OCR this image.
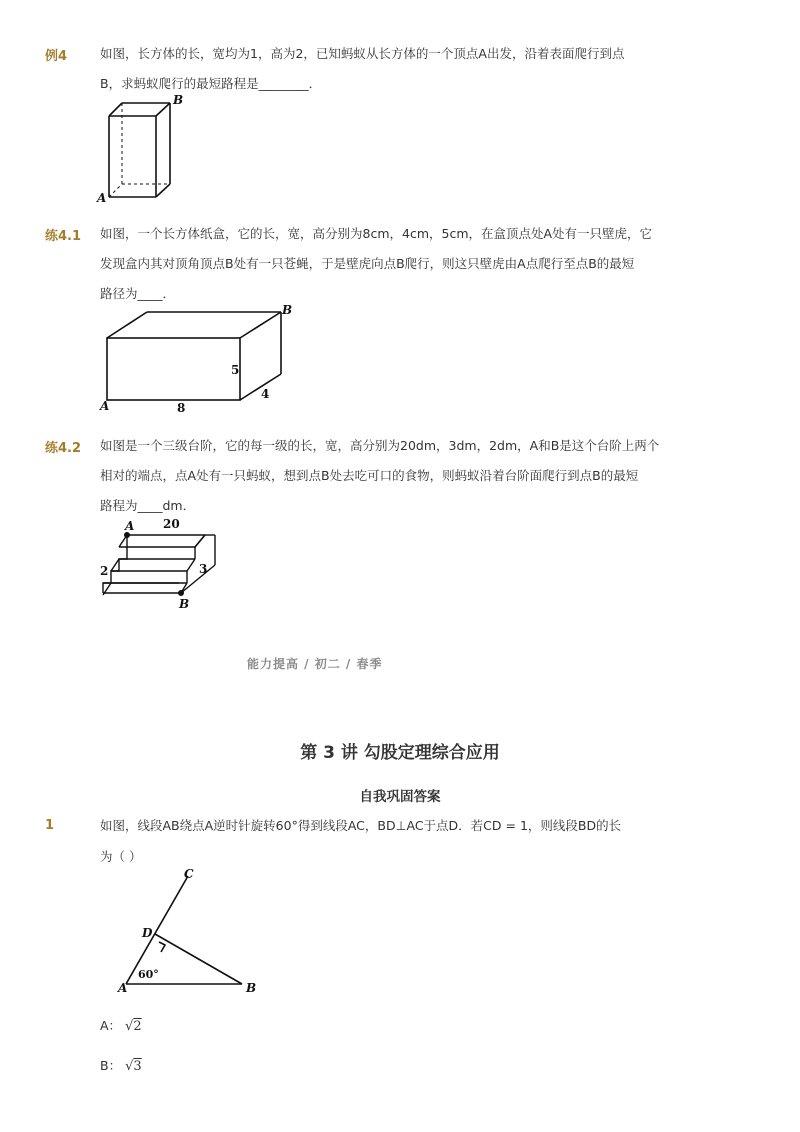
例4	如图，长方体的长，宽均为1，高为2，已知蚂蚁从长方体的一个顶点A出发，沿着表面爬行到点
B，求蚂蚁爬行的最短路程是________．
A
B
练4.1 如图，一个长方体纸盒，它的长，宽，高分别为8cm，4cm，5cm，在盒顶点处A处有一只壁虎，它
发现盒内其对顶角顶点B处有一只苍蝇，于是壁虎向点B爬行，则这只壁虎由A点爬行至点B的最短
路径为____．
A
B
8
4
5
练4.2 如图是一个三级台阶，它的每一级的长，宽，高分别为20dm，3dm，2dm，A和B是这个台阶上两个
相对的端点，点A处有一只蚂蚁，想到点B处去吃可口的食物，则蚂蚁沿着台阶面爬行到点B的最短
路程为____dm．
A
B
20
2	3
能力提高 / 初二 / 春季
第 3 讲 勾股定理综合应用
自我巩固答案
1	如图，线段AB绕点A逆时针旋转60°得到线段AC，BD⊥AC于点D．若CD = 1，则线段BD的长
为（ ）
C
D
A	B
60°
A： √2
B： √3
